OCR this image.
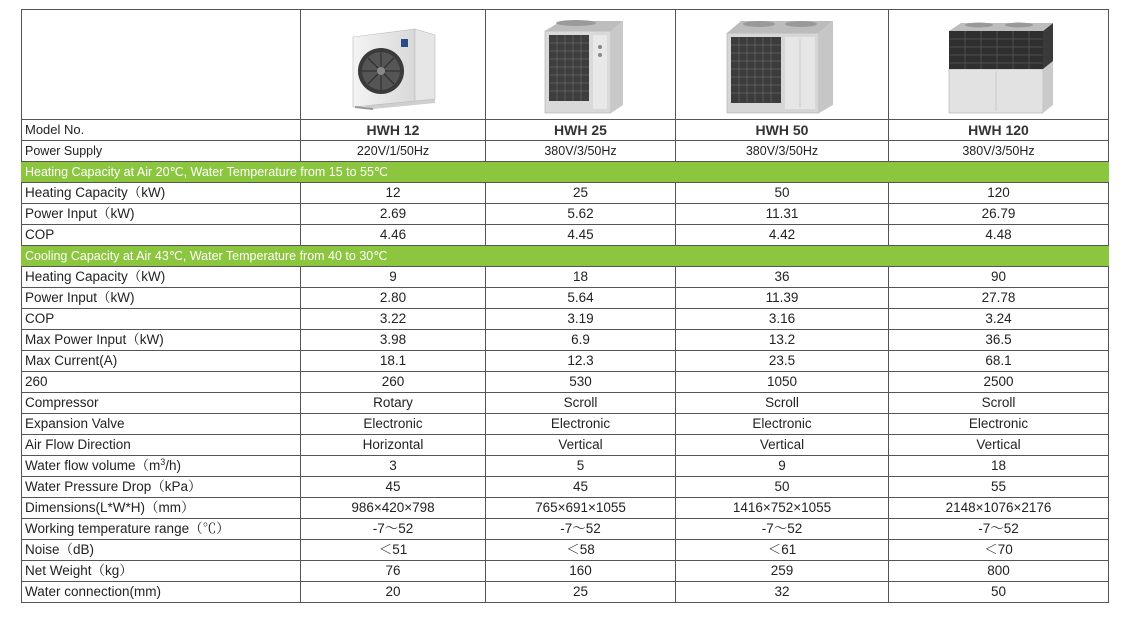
Model No.	HWH 12	HWH 25	HWH 50	HWH 120
Power Supply	220V/1/50Hz	380V/3/50Hz	380V/3/50Hz	380V/3/50Hz
Heating Capacity at Air 20℃, Water Temperature from 15 to 55℃				
Heating Capacity（kW)	12	25	50	120
Power Input（kW)	2.69	5.62	11.31	26.79
COP	4.46	4.45	4.42	4.48
Cooling Capacity at Air 43℃, Water Temperature from 40 to 30℃				
Heating Capacity（kW)	9	18	36	90
Power Input（kW)	2.80	5.64	11.39	27.78
COP	3.22	3.19	3.16	3.24
Max Power Input（kW)	3.98	6.9	13.2	36.5
Max Current(A)	18.1	12.3	23.5	68.1
260	260	530	1050	2500
Compressor	Rotary	Scroll	Scroll	Scroll
Expansion Valve	Electronic	Electronic	Electronic	Electronic
Air Flow Direction	Horizontal	Vertical	Vertical	Vertical
Water flow $volume(m^3/h)$	3	5	9	18
Water Pressure Drop（kPa）	45	45	50	55
Dimensions(L*W*H)（mm）	986×420×798	765×691×1055	1416×752×1055	2148×1076×2176
Working temperature range（℃）	-7～52	-7～52	-7～52	-7～52
Noise（dB)	＜51	＜58	＜61	＜70
Net Weight（kg）	76	160	259	800
Water connection(mm)	20	25	32	50
